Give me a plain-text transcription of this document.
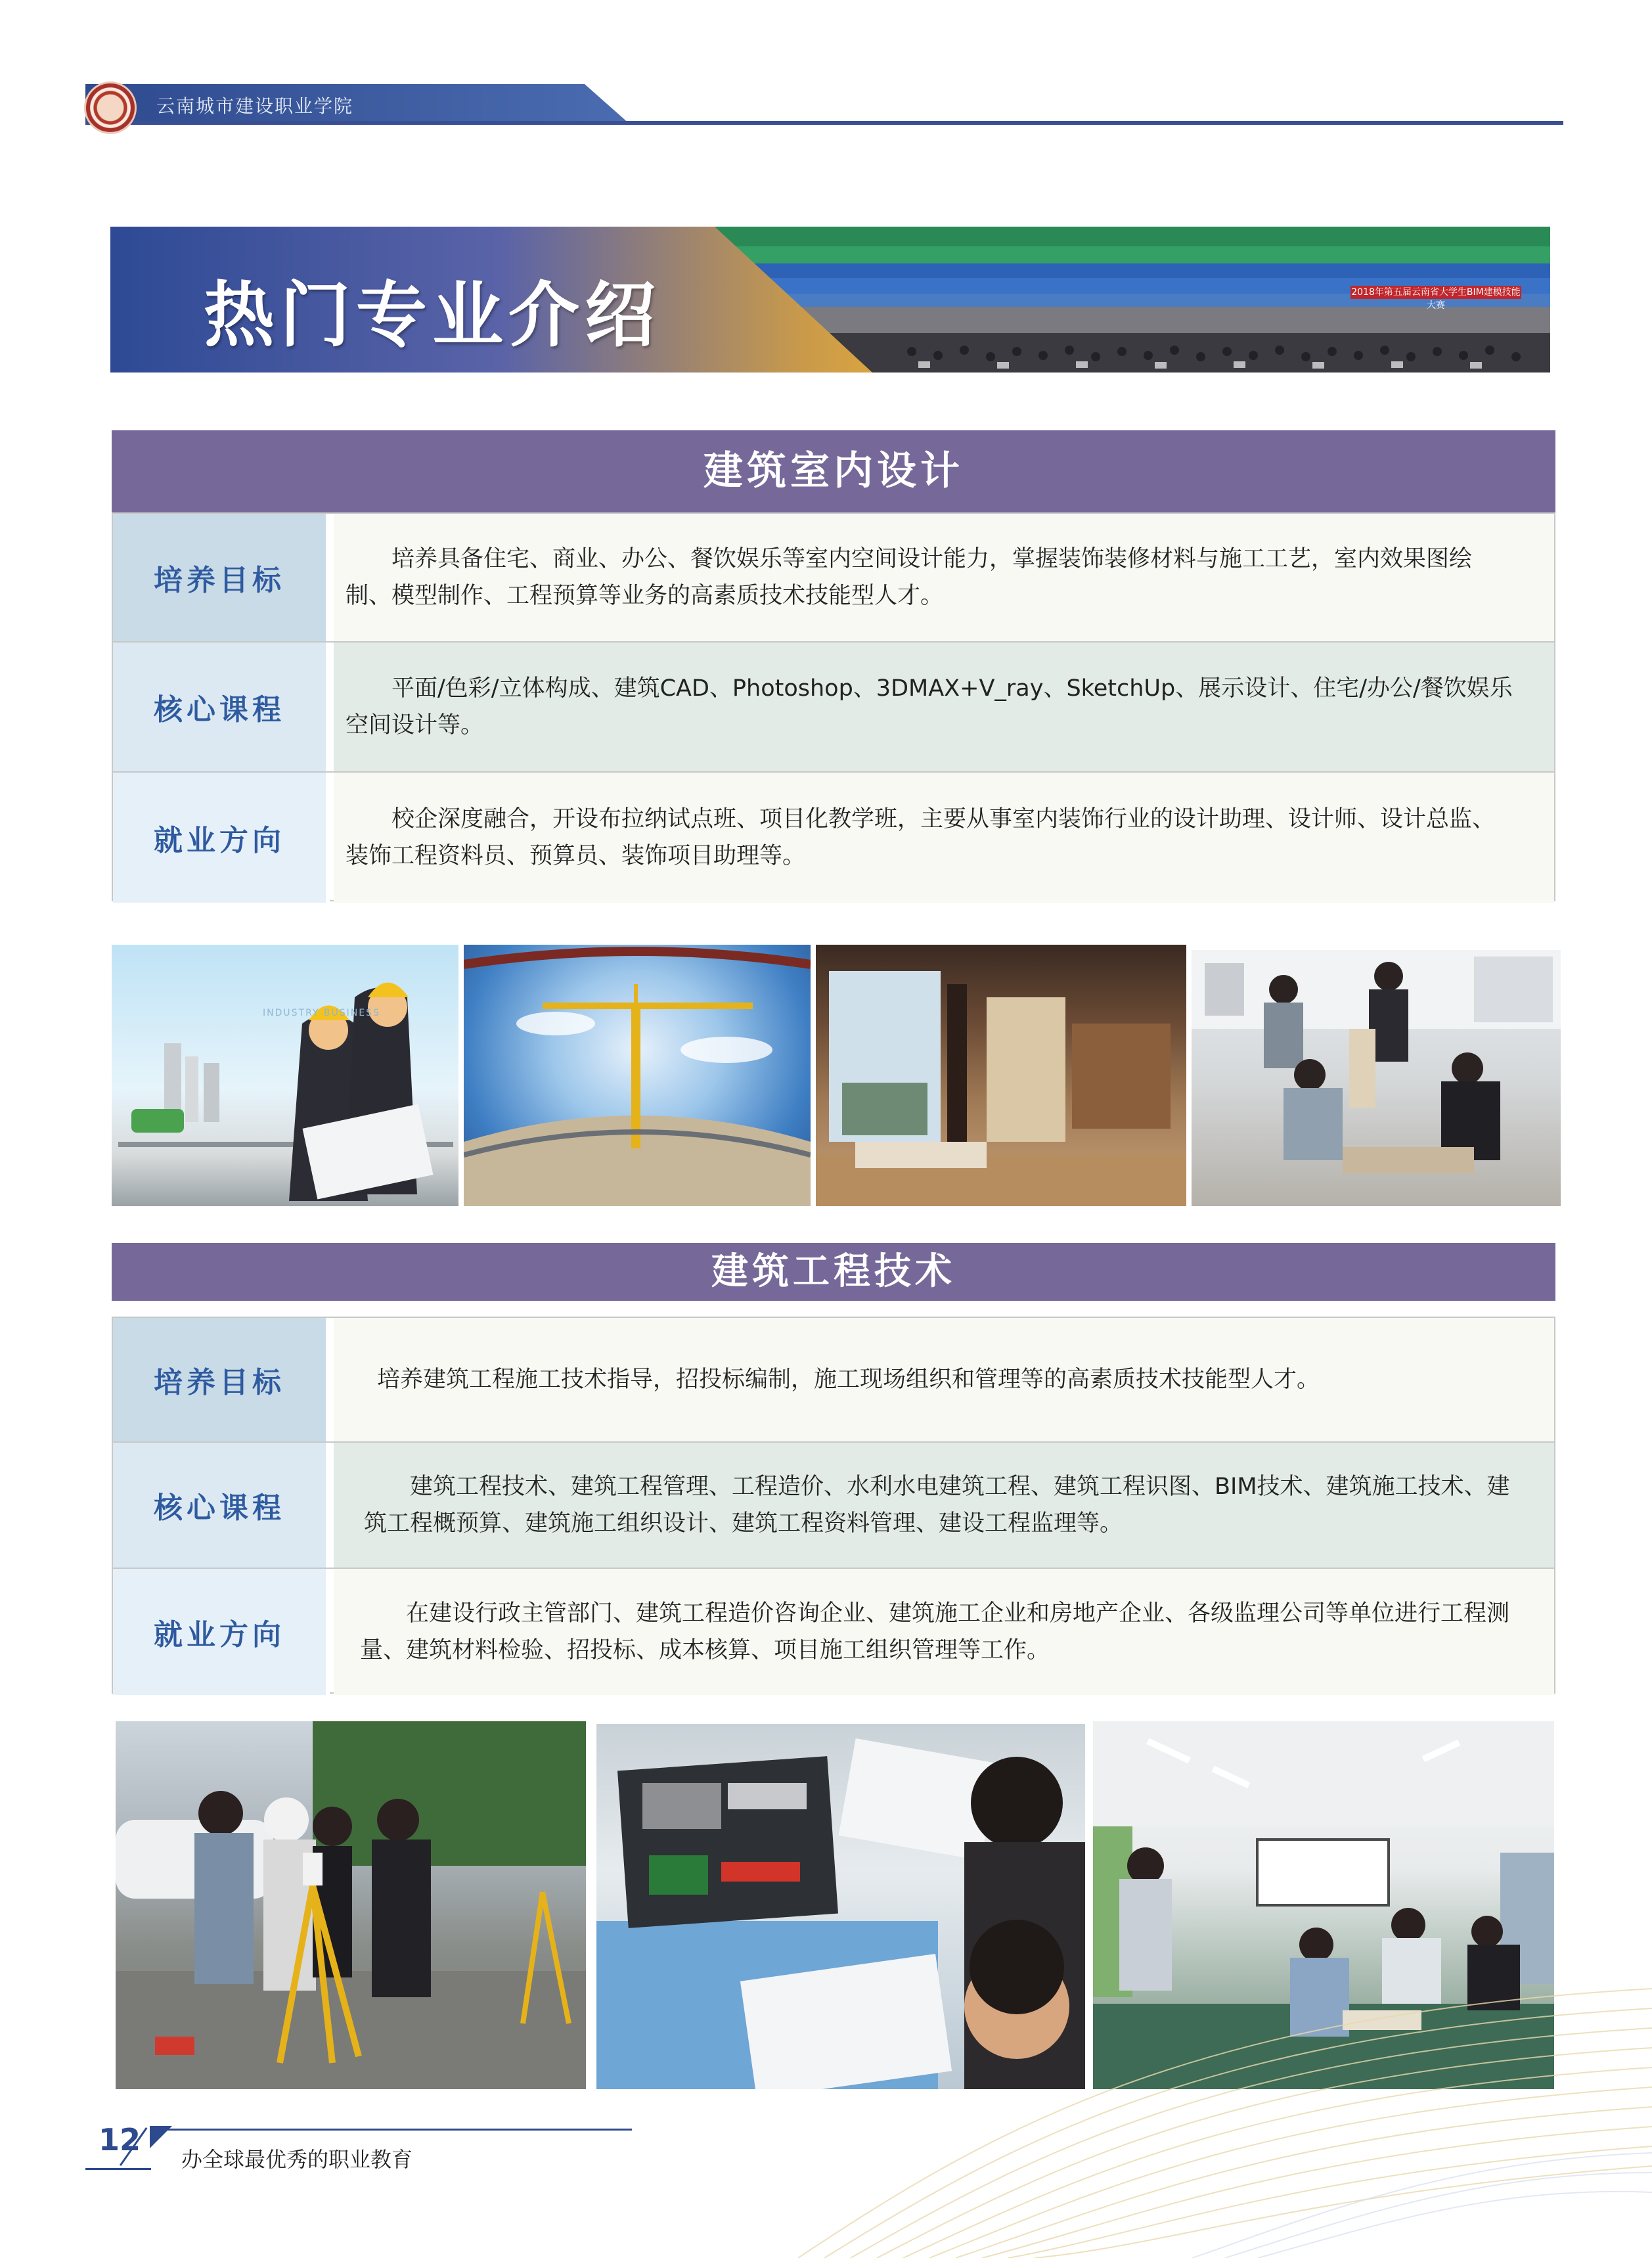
云南城市建设职业学院
2018年第五届云南省大学生BIM建模技能大赛
热门专业介绍
建筑室内设计
培养目标
培养具备住宅、商业、办公、餐饮娱乐等室内空间设计能力，掌握装饰装修材料与施工工艺，室内效果图绘制、模型制作、工程预算等业务的高素质技术技能型人才。
核心课程
平面/色彩/立体构成、建筑CAD、Photoshop、3DMAX+V_ray、SketchUp、展示设计、住宅/办公/餐饮娱乐空间设计等。
就业方向
校企深度融合，开设布拉纳试点班、项目化教学班，主要从事室内装饰行业的设计助理、设计师、设计总监、装饰工程资料员、预算员、装饰项目助理等。
INDUSTRY BUSINESS
建筑工程技术
培养目标	培养建筑工程施工技术指导，招投标编制，施工现场组织和管理等的高素质技术技能型人才。
核心课程
建筑工程技术、建筑工程管理、工程造价、水利水电建筑工程、建筑工程识图、BIM技术、建筑施工技术、建筑工程概预算、建筑施工组织设计、建筑工程资料管理、建设工程监理等。
就业方向
在建设行政主管部门、建筑工程造价咨询企业、建筑施工企业和房地产企业、各级监理公司等单位进行工程测量、建筑材料检验、招投标、成本核算、项目施工组织管理等工作。
12
办全球最优秀的职业教育
